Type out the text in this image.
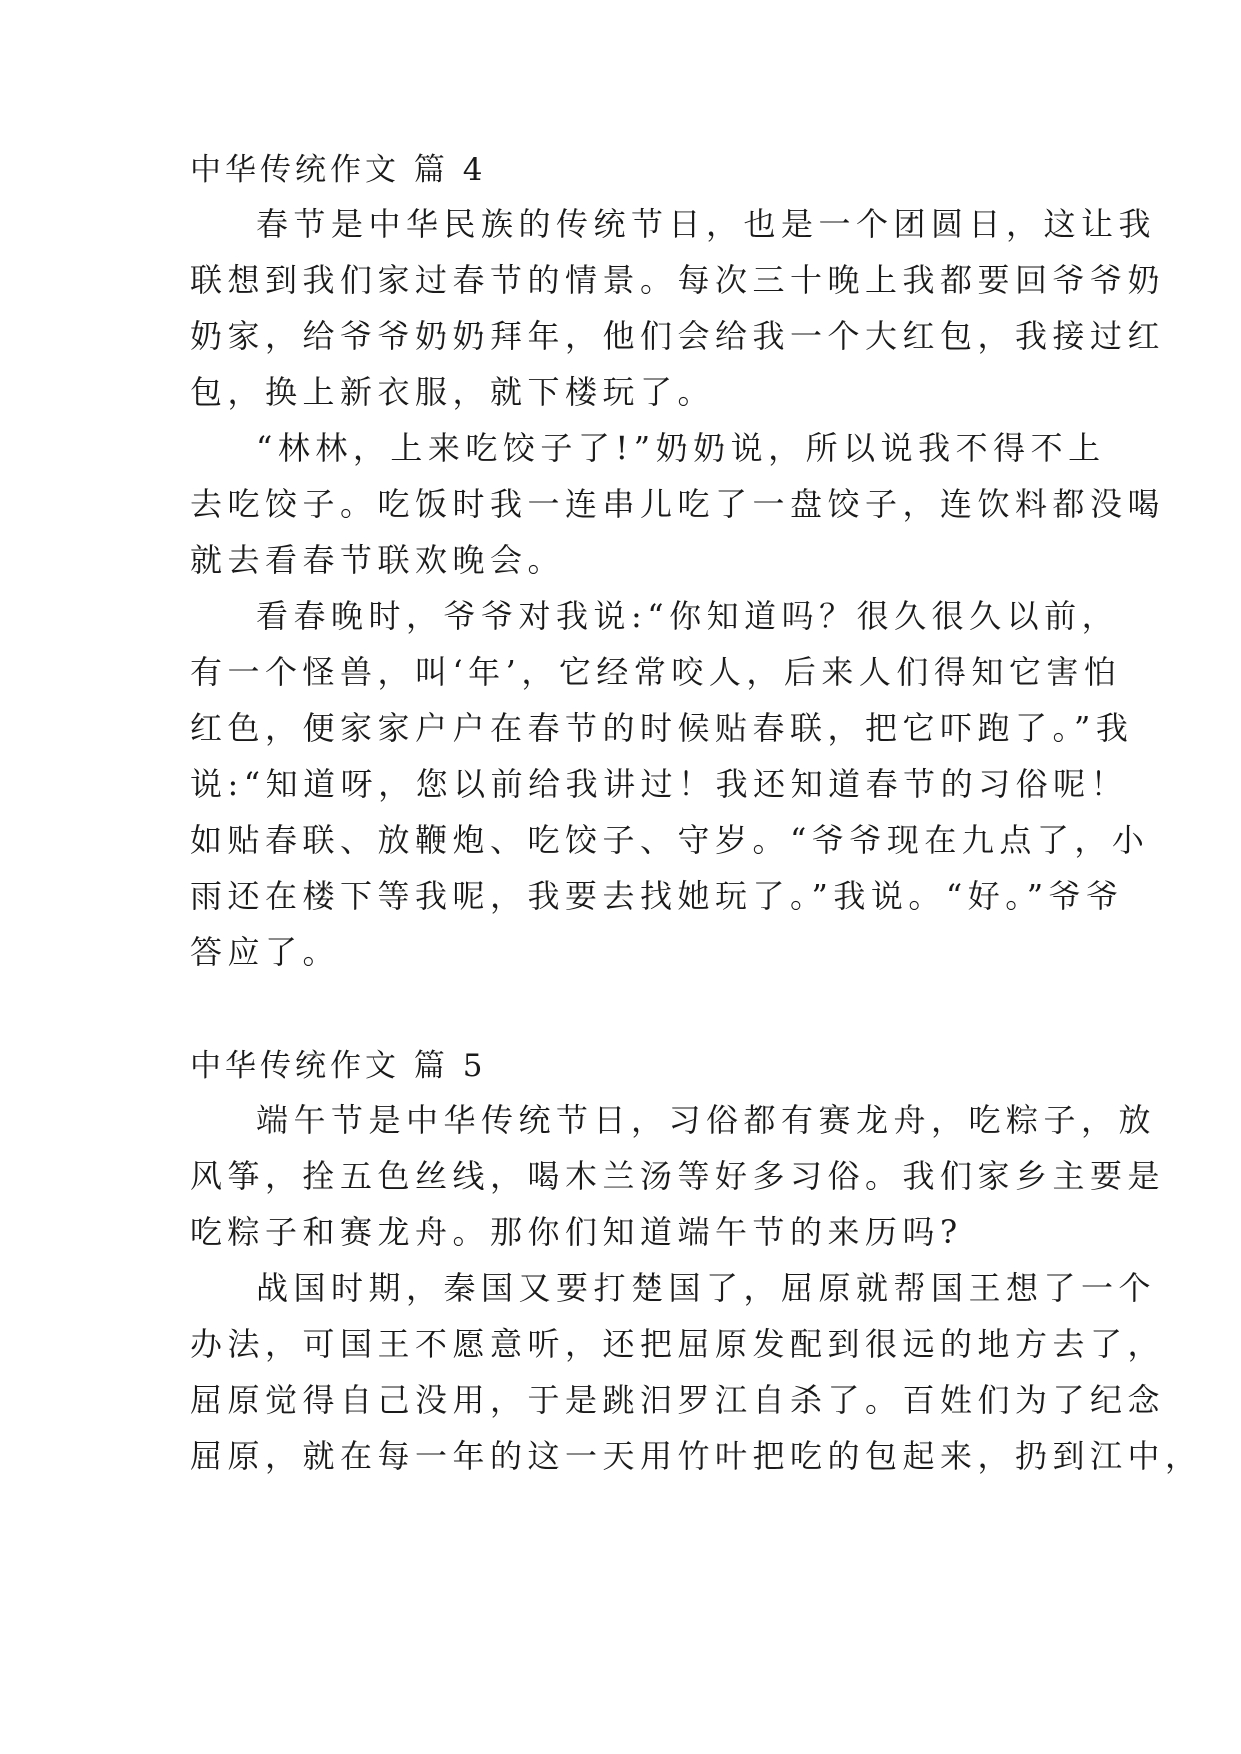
中华传统作文 篇 4
春节是中华民族的传统节日，也是一个团圆日，这让我
联想到我们家过春节的情景。每次三十晚上我都要回爷爷奶
奶家，给爷爷奶奶拜年，他们会给我一个大红包，我接过红
包，换上新衣服，就下楼玩了。
“林林，上来吃饺子了!”奶奶说，所以说我不得不上
去吃饺子。吃饭时我一连串儿吃了一盘饺子，连饮料都没喝
就去看春节联欢晚会。
看春晚时，爷爷对我说:“你知道吗？很久很久以前，
有一个怪兽，叫‘年’，它经常咬人，后来人们得知它害怕
红色，便家家户户在春节的时候贴春联，把它吓跑了。”我
说:“知道呀，您以前给我讲过！我还知道春节的习俗呢！
如贴春联、放鞭炮、吃饺子、守岁。“爷爷现在九点了，小
雨还在楼下等我呢，我要去找她玩了。”我说。“好。”爷爷
答应了。
中华传统作文 篇 5
端午节是中华传统节日，习俗都有赛龙舟，吃粽子，放
风筝，拴五色丝线，喝木兰汤等好多习俗。我们家乡主要是
吃粽子和赛龙舟。那你们知道端午节的来历吗?
战国时期，秦国又要打楚国了，屈原就帮国王想了一个
办法，可国王不愿意听，还把屈原发配到很远的地方去了，
屈原觉得自己没用，于是跳汨罗江自杀了。百姓们为了纪念
屈原，就在每一年的这一天用竹叶把吃的包起来，扔到江中，
